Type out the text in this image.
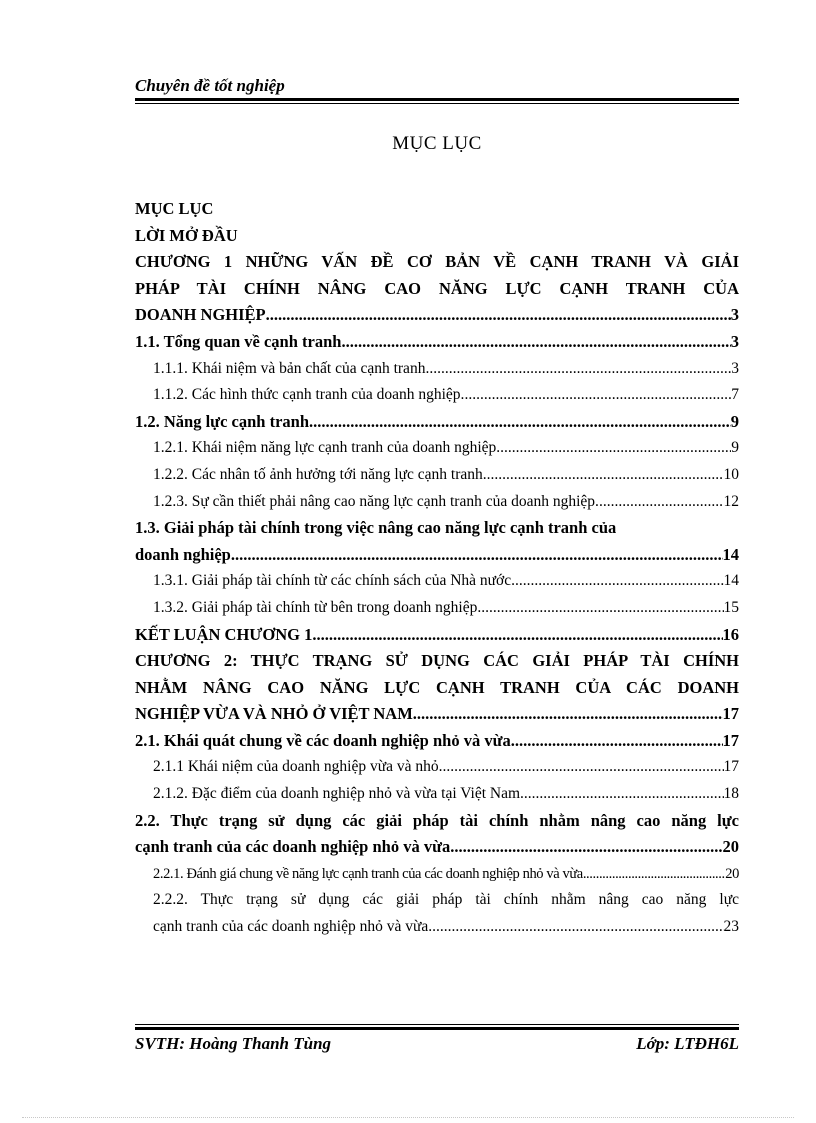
Chuyên đề tốt nghiệp
MỤC LỤC
MỤC LỤC
LỜI MỞ ĐẦU
CHƯƠNG 1 NHỮNG VẤN ĐỀ CƠ BẢN VỀ CẠNH TRANH VÀ GIẢI
PHÁP TÀI CHÍNH NÂNG CAO NĂNG LỰC CẠNH TRANH CỦA
DOANH NGHIỆP .....	3
1.1. Tổng quan về cạnh tranh. .....	3
1.1.1. Khái niệm và bản chất của cạnh tranh. .....	3
1.1.2. Các hình thức cạnh tranh của doanh nghiệp. .....	7
1.2. Năng lực cạnh tranh .....	9
1.2.1. Khái niệm năng lực cạnh tranh của doanh nghiệp .....	9
1.2.2. Các nhân tố ảnh hưởng tới năng lực cạnh tranh. .....	10
1.2.3. Sự cần thiết phải nâng cao năng lực cạnh tranh của doanh nghiệp. .....	12
1.3. Giải pháp tài chính trong việc nâng cao năng lực cạnh tranh của
doanh nghiệp .....	14
1.3.1. Giải pháp tài chính từ các chính sách của Nhà nước. .....	14
1.3.2. Giải pháp tài chính từ bên trong doanh nghiệp. .....	15
KẾT LUẬN CHƯƠNG 1 .....	16
CHƯƠNG 2: THỰC TRẠNG SỬ DỤNG CÁC GIẢI PHÁP TÀI CHÍNH
NHẰM NÂNG CAO NĂNG LỰC CẠNH TRANH CỦA CÁC DOANH
NGHIỆP VỪA VÀ NHỎ Ở VIỆT NAM .....	17
2.1. Khái quát chung về các doanh nghiệp nhỏ và vừa .....	17
2.1.1 Khái niệm của doanh nghiệp vừa và nhỏ .....	17
2.1.2. Đặc điểm của doanh nghiệp nhỏ và vừa tại Việt Nam .....	18
2.2. Thực trạng sử dụng các giải pháp tài chính nhằm nâng cao năng lực
cạnh tranh của các doanh nghiệp nhỏ và vừa .....	20
2.2.1. Đánh giá chung về năng lực cạnh tranh của các doanh nghiệp nhỏ và vừa .....	20
2.2.2. Thực trạng sử dụng các giải pháp tài chính nhằm nâng cao năng lực
cạnh tranh của các doanh nghiệp nhỏ và vừa. .....	23
SVTH: Hoàng Thanh Tùng	Lớp: LTĐH6L
